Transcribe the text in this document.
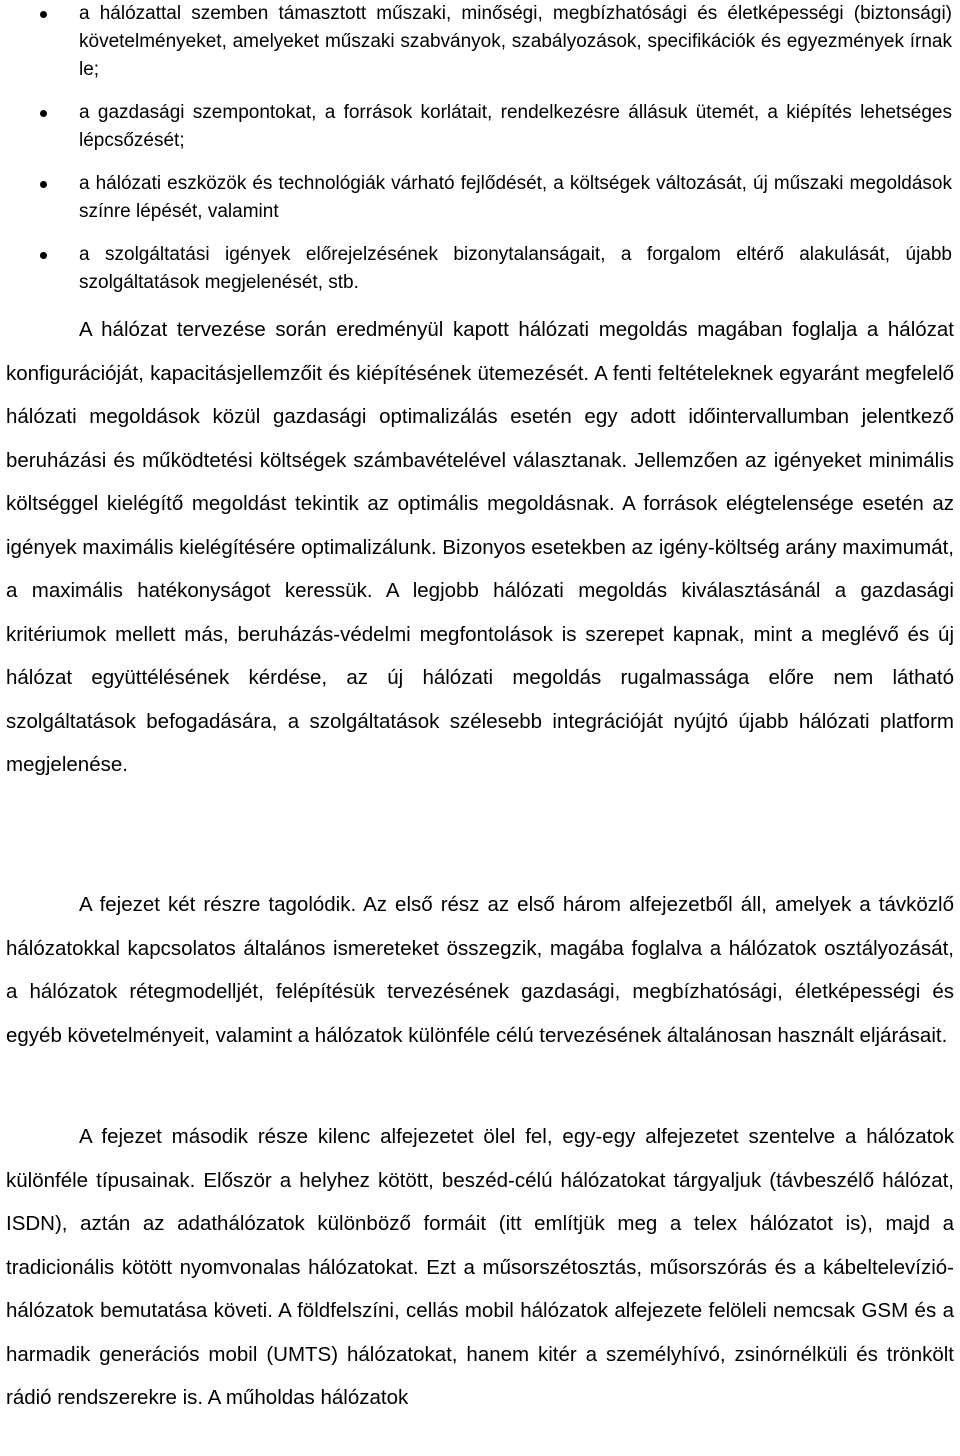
a hálózattal szemben támasztott műszaki, minőségi, megbízhatósági és életképességi (biztonsági) követelményeket, amelyeket műszaki szabványok, szabályozások, specifikációk és egyezmények írnak le;
a gazdasági szempontokat, a források korlátait, rendelkezésre állásuk ütemét, a kiépítés lehetséges lépcsőzését;
a hálózati eszközök és technológiák várható fejlődését, a költségek változását, új műszaki megoldások színre lépését, valamint
a szolgáltatási igények előrejelzésének bizonytalanságait, a forgalom eltérő alakulását, újabb szolgáltatások megjelenését, stb.

A hálózat tervezése során eredményül kapott hálózati megoldás magában foglalja a hálózat konfigurációját, kapacitásjellemzőit és kiépítésének ütemezését. A fenti feltételeknek egyaránt megfelelő hálózati megoldások közül gazdasági optimalizálás esetén egy adott időintervallumban jelentkező beruházási és működtetési költségek számbavételével választanak. Jellemzően az igényeket minimális költséggel kielégítő megoldást tekintik az optimális megoldásnak. A források elégtelensége esetén az igények maximális kielégítésére optimalizálunk. Bizonyos esetekben az igény-költség arány maximumát, a maximális hatékonyságot keressük. A legjobb hálózati megoldás kiválasztásánál a gazdasági kritériumok mellett más, beruházás-védelmi megfontolások is szerepet kapnak, mint a meglévő és új hálózat együttélésének kérdése, az új hálózati megoldás rugalmassága előre nem látható szolgáltatások befogadására, a szolgáltatások szélesebb integrációját nyújtó újabb hálózati platform megjelenése.

A fejezet két részre tagolódik. Az első rész az első három alfejezetből áll, amelyek a távközlő hálózatokkal kapcsolatos általános ismereteket összegzik, magába foglalva a hálózatok osztályozását, a hálózatok rétegmodelljét, felépítésük tervezésének gazdasági, megbízhatósági, életképességi és egyéb követelményeit, valamint a hálózatok különféle célú tervezésének általánosan használt eljárásait.

A fejezet második része kilenc alfejezetet ölel fel, egy-egy alfejezetet szentelve a hálózatok különféle típusainak. Először a helyhez kötött, beszéd-célú hálózatokat tárgyaljuk (távbeszélő hálózat, ISDN), aztán az adathálózatok különböző formáit (itt említjük meg a telex hálózatot is), majd a tradicionális kötött nyomvonalas hálózatokat. Ezt a műsorszétosztás, műsorszórás és a kábeltelevízió-hálózatok bemutatása követi. A földfelszíni, cellás mobil hálózatok alfejezete felöleli nemcsak GSM és a harmadik generációs mobil (UMTS) hálózatokat, hanem kitér a személyhívó, zsinórnélküli és trönkölt rádió rendszerekre is. A műholdas hálózatok
